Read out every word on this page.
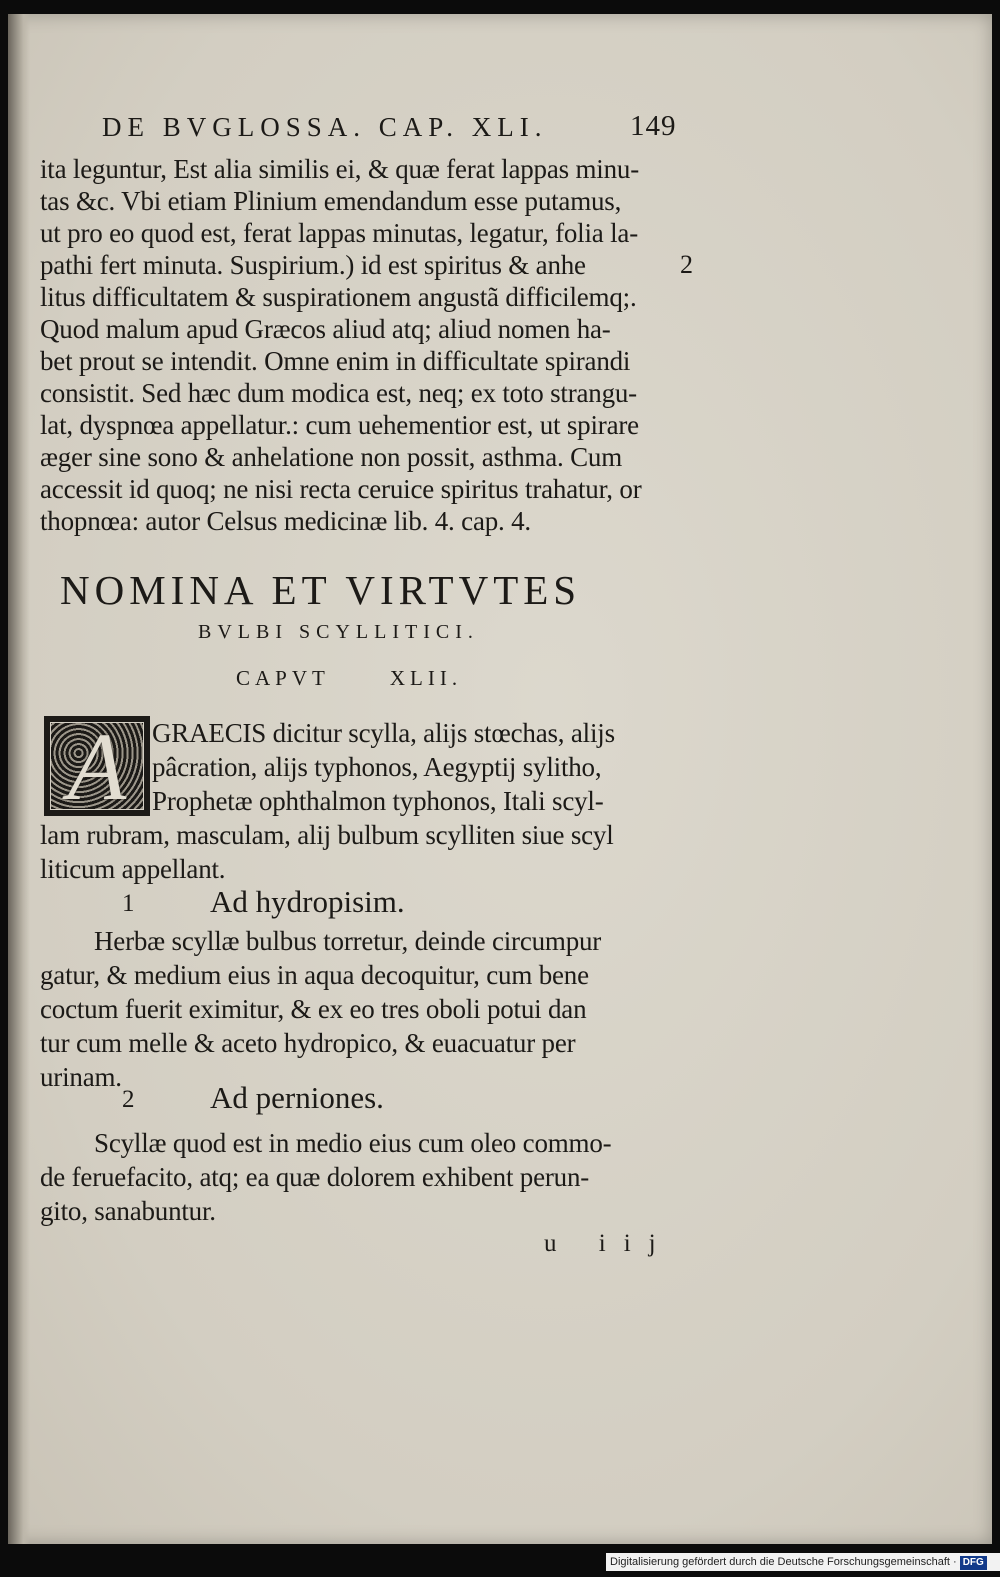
DE BVGLOSSA. CAP. XLI.	149
ita leguntur, Est alia similis ei, & quæ ferat lappas minu-
tas &c. Vbi etiam Plinium emendandum esse putamus,
ut pro eo quod est, ferat lappas minutas, legatur, folia la-
pathi fert minuta. Suspirium.) id est spiritus & anhe
litus difficultatem & suspirationem angustã difficilemq;.
Quod malum apud Græcos aliud atq; aliud nomen ha-
bet prout se intendit. Omne enim in difficultate spirandi
consistit. Sed hæc dum modica est, neq; ex toto strangu-
lat, dyspnœa appellatur.: cum uehementior est, ut spirare
æger sine sono & anhelatione non possit, asthma. Cum
accessit id quoq; ne nisi recta ceruice spiritus trahatur, or
thopnœa: autor Celsus medicinæ lib. 4. cap. 4.
2
NOMINA ET VIRTVTES
BVLBI SCYLLITICI.
CAPVT	XLII.
A GRAECIS dicitur scylla, alijs stœchas, alijs
pâcration, alijs typhonos, Aegyptij sylitho,
Prophetæ ophthalmon typhonos, Itali scyl-
lam rubram, masculam, alij bulbum scylliten siue scyl
liticum appellant.
1 Ad hydropisim.
Herbæ scyllæ bulbus torretur, deinde circumpur
gatur, & medium eius in aqua decoquitur, cum bene
coctum fuerit eximitur, & ex eo tres oboli potui dan
tur cum melle & aceto hydropico, & euacuatur per
urinam.
2 Ad perniones.
Scyllæ quod est in medio eius cum oleo commo-
de feruefacito, atq; ea quæ dolorem exhibent perun-
gito, sanabuntur.
u iij
Digitalisierung gefördert durch die Deutsche Forschungsgemeinschaft · DFG
